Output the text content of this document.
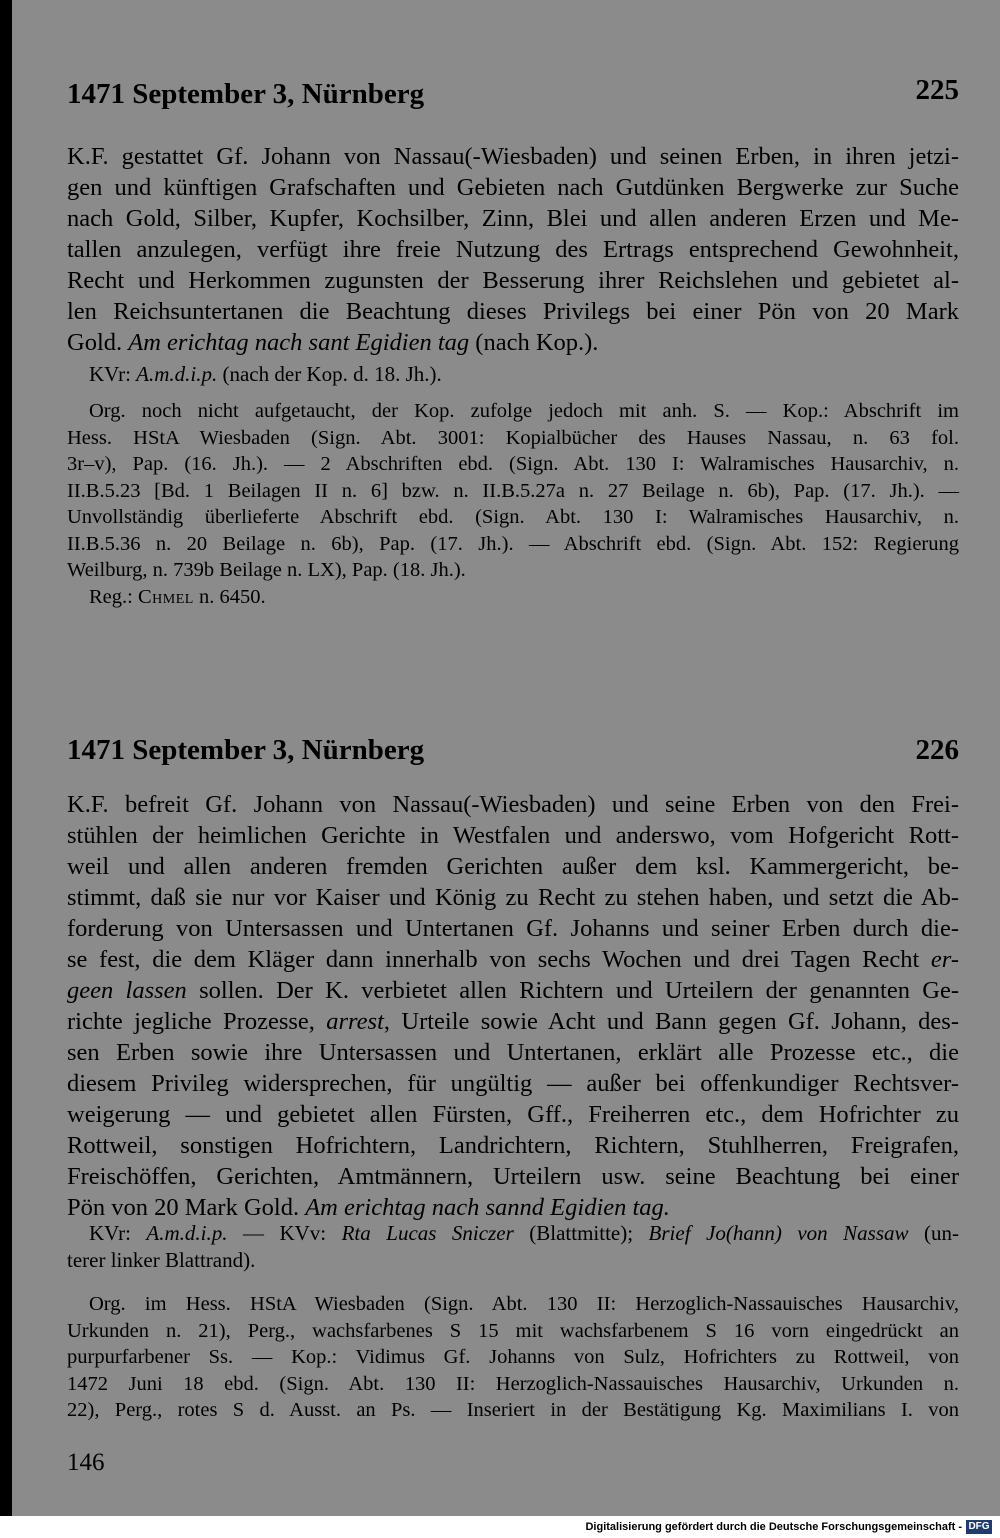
1471 September 3, Nürnberg	225
K.F. gestattet Gf. Johann von Nassau(-Wiesbaden) und seinen Erben, in ihren jetzi-
gen und künftigen Grafschaften und Gebieten nach Gutdünken Bergwerke zur Suche
nach Gold, Silber, Kupfer, Kochsilber, Zinn, Blei und allen anderen Erzen und Me-
tallen anzulegen, verfügt ihre freie Nutzung des Ertrags entsprechend Gewohnheit,
Recht und Herkommen zugunsten der Besserung ihrer Reichslehen und gebietet al-
len Reichsuntertanen die Beachtung dieses Privilegs bei einer Pön von 20 Mark
Gold. Am erichtag nach sant Egidien tag (nach Kop.).
KVr: A.m.d.i.p. (nach der Kop. d. 18. Jh.).
Org. noch nicht aufgetaucht, der Kop. zufolge jedoch mit anh. S. — Kop.: Abschrift im
Hess. HStA Wiesbaden (Sign. Abt. 3001: Kopialbücher des Hauses Nassau, n. 63 fol.
3r–v), Pap. (16. Jh.). — 2 Abschriften ebd. (Sign. Abt. 130 I: Walramisches Hausarchiv, n.
II.B.5.23 [Bd. 1 Beilagen II n. 6] bzw. n. II.B.5.27a n. 27 Beilage n. 6b), Pap. (17. Jh.). —
Unvollständig überlieferte Abschrift ebd. (Sign. Abt. 130 I: Walramisches Hausarchiv, n.
II.B.5.36 n. 20 Beilage n. 6b), Pap. (17. Jh.). — Abschrift ebd. (Sign. Abt. 152: Regierung
Weilburg, n. 739b Beilage n. LX), Pap. (18. Jh.).
Reg.: Chmel n. 6450.
1471 September 3, Nürnberg	226
K.F. befreit Gf. Johann von Nassau(-Wiesbaden) und seine Erben von den Frei-
stühlen der heimlichen Gerichte in Westfalen und anderswo, vom Hofgericht Rott-
weil und allen anderen fremden Gerichten außer dem ksl. Kammergericht, be-
stimmt, daß sie nur vor Kaiser und König zu Recht zu stehen haben, und setzt die Ab-
forderung von Untersassen und Untertanen Gf. Johanns und seiner Erben durch die-
se fest, die dem Kläger dann innerhalb von sechs Wochen und drei Tagen Recht er-
geen lassen sollen. Der K. verbietet allen Richtern und Urteilern der genannten Ge-
richte jegliche Prozesse, arrest, Urteile sowie Acht und Bann gegen Gf. Johann, des-
sen Erben sowie ihre Untersassen und Untertanen, erklärt alle Prozesse etc., die
diesem Privileg widersprechen, für ungültig — außer bei offenkundiger Rechtsver-
weigerung — und gebietet allen Fürsten, Gff., Freiherren etc., dem Hofrichter zu
Rottweil, sonstigen Hofrichtern, Landrichtern, Richtern, Stuhlherren, Freigrafen,
Freischöffen, Gerichten, Amtmännern, Urteilern usw. seine Beachtung bei einer
Pön von 20 Mark Gold. Am erichtag nach sannd Egidien tag.
KVr: A.m.d.i.p. — KVv: Rta Lucas Sniczer (Blattmitte); Brief Jo(hann) von Nassaw (un-
terer linker Blattrand).
Org. im Hess. HStA Wiesbaden (Sign. Abt. 130 II: Herzoglich-Nassauisches Hausarchiv,
Urkunden n. 21), Perg., wachsfarbenes S 15 mit wachsfarbenem S 16 vorn eingedrückt an
purpurfarbener Ss. — Kop.: Vidimus Gf. Johanns von Sulz, Hofrichters zu Rottweil, von
1472 Juni 18 ebd. (Sign. Abt. 130 II: Herzoglich-Nassauisches Hausarchiv, Urkunden n.
22), Perg., rotes S d. Ausst. an Ps. — Inseriert in der Bestätigung Kg. Maximilians I. von
146
Digitalisierung gefördert durch die Deutsche Forschungsgemeinschaft - DFG
